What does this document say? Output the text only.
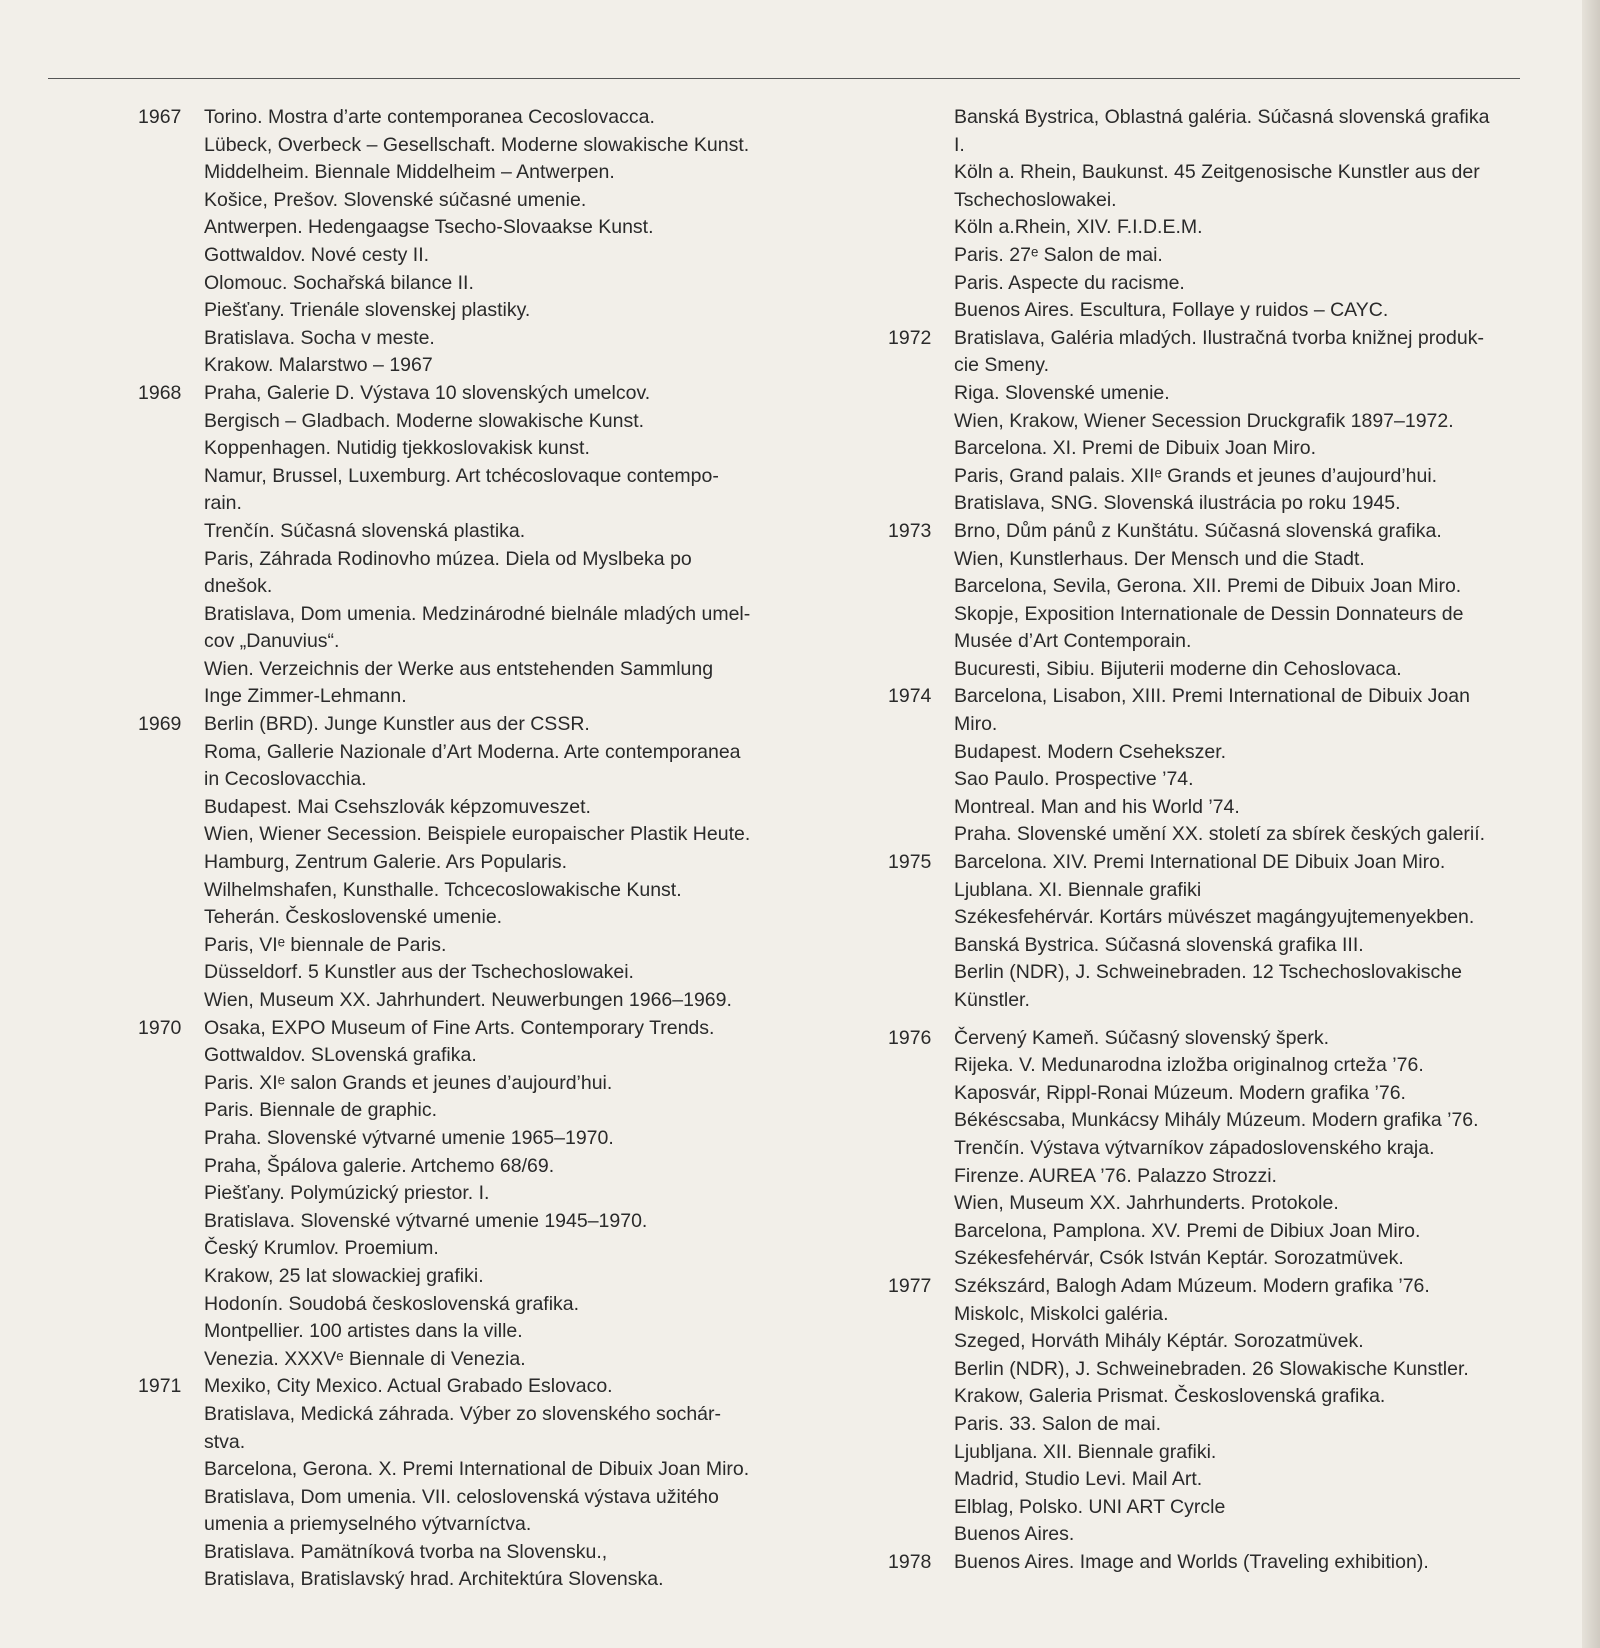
1967	Torino. Mostra d’arte contemporanea Cecoslovacca.
Lübeck, Overbeck – Gesellschaft. Moderne slowakische Kunst.
Middelheim. Biennale Middelheim – Antwerpen.
Košice, Prešov. Slovenské súčasné umenie.
Antwerpen. Hedengaagse Tsecho-Slovaakse Kunst.
Gottwaldov. Nové cesty II.
Olomouc. Sochařská bilance II.
Piešťany. Trienále slovenskej plastiky.
Bratislava. Socha v meste.
Krakow. Malarstwo – 1967
1968	Praha, Galerie D. Výstava 10 slovenských umelcov.
Bergisch – Gladbach. Moderne slowakische Kunst.
Koppenhagen. Nutidig tjekkoslovakisk kunst.
Namur, Brussel, Luxemburg. Art tchécoslovaque contempo-
rain.
Trenčín. Súčasná slovenská plastika.
Paris, Záhrada Rodinovho múzea. Diela od Myslbeka po
dnešok.
Bratislava, Dom umenia. Medzinárodné bielnále mladých umel-
cov „Danuvius“.
Wien. Verzeichnis der Werke aus entstehenden Sammlung
Inge Zimmer-Lehmann.
1969	Berlin (BRD). Junge Kunstler aus der CSSR.
Roma, Gallerie Nazionale d’Art Moderna. Arte contemporanea
in Cecoslovacchia.
Budapest. Mai Csehszlovák képzomuveszet.
Wien, Wiener Secession. Beispiele europaischer Plastik Heute.
Hamburg, Zentrum Galerie. Ars Popularis.
Wilhelmshafen, Kunsthalle. Tchcecoslowakische Kunst.
Teherán. Československé umenie.
Paris, VIᵉ biennale de Paris.
Düsseldorf. 5 Kunstler aus der Tschechoslowakei.
Wien, Museum XX. Jahrhundert. Neuwerbungen 1966–1969.
1970	Osaka, EXPO Museum of Fine Arts. Contemporary Trends.
Gottwaldov. SLovenská grafika.
Paris. XIᵉ salon Grands et jeunes d’aujourd’hui.
Paris. Biennale de graphic.
Praha. Slovenské výtvarné umenie 1965–1970.
Praha, Špálova galerie. Artchemo 68/69.
Piešťany. Polymúzický priestor. I.
Bratislava. Slovenské výtvarné umenie 1945–1970.
Český Krumlov. Proemium.
Krakow, 25 lat slowackiej grafiki.
Hodonín. Soudobá československá grafika.
Montpellier. 100 artistes dans la ville.
Venezia. XXXVᵉ Biennale di Venezia.
1971	Mexiko, City Mexico. Actual Grabado Eslovaco.
Bratislava, Medická záhrada. Výber zo slovenského sochár-
stva.
Barcelona, Gerona. X. Premi International de Dibuix Joan Miro.
Bratislava, Dom umenia. VII. celoslovenská výstava užitého
umenia a priemyselného výtvarníctva.
Bratislava. Pamätníková tvorba na Slovensku.,
Bratislava, Bratislavský hrad. Architektúra Slovenska.
Banská Bystrica, Oblastná galéria. Súčasná slovenská grafika
I.
Köln a. Rhein, Baukunst. 45 Zeitgenosische Kunstler aus der
Tschechoslowakei.
Köln a.Rhein, XIV. F.I.D.E.M.
Paris. 27ᵉ Salon de mai.
Paris. Aspecte du racisme.
Buenos Aires. Escultura, Follaye y ruidos – CAYC.
1972	Bratislava, Galéria mladých. Ilustračná tvorba knižnej produk-
cie Smeny.
Riga. Slovenské umenie.
Wien, Krakow, Wiener Secession Druckgrafik 1897–1972.
Barcelona. XI. Premi de Dibuix Joan Miro.
Paris, Grand palais. XIIᵉ Grands et jeunes d’aujourd’hui.
Bratislava, SNG. Slovenská ilustrácia po roku 1945.
1973	Brno, Dům pánů z Kunštátu. Súčasná slovenská grafika.
Wien, Kunstlerhaus. Der Mensch und die Stadt.
Barcelona, Sevila, Gerona. XII. Premi de Dibuix Joan Miro.
Skopje, Exposition Internationale de Dessin Donnateurs de
Musée d’Art Contemporain.
Bucuresti, Sibiu. Bijuterii moderne din Cehoslovaca.
1974	Barcelona, Lisabon, XIII. Premi International de Dibuix Joan
Miro.
Budapest. Modern Csehekszer.
Sao Paulo. Prospective ’74.
Montreal. Man and his World ’74.
Praha. Slovenské umění XX. století za sbírek českých galerií.
1975	Barcelona. XIV. Premi International DE Dibuix Joan Miro.
Ljublana. XI. Biennale grafiki
Székesfehérvár. Kortárs müvészet magángyujtemenyekben.
Banská Bystrica. Súčasná slovenská grafika III.
Berlin (NDR), J. Schweinebraden. 12 Tschechoslovakische
Künstler.
1976	Červený Kameň. Súčasný slovenský šperk.
Rijeka. V. Medunarodna izložba originalnog crteža ’76.
Kaposvár, Rippl-Ronai Múzeum. Modern grafika ’76.
Békéscsaba, Munkácsy Mihály Múzeum. Modern grafika ’76.
Trenčín. Výstava výtvarníkov západoslovenského kraja.
Firenze. AUREA ’76. Palazzo Strozzi.
Wien, Museum XX. Jahrhunderts. Protokole.
Barcelona, Pamplona. XV. Premi de Dibiux Joan Miro.
Székesfehérvár, Csók István Keptár. Sorozatmüvek.
1977	Székszárd, Balogh Adam Múzeum. Modern grafika ’76.
Miskolc, Miskolci galéria.
Szeged, Horváth Mihály Képtár. Sorozatmüvek.
Berlin (NDR), J. Schweinebraden. 26 Slowakische Kunstler.
Krakow, Galeria Prismat. Československá grafika.
Paris. 33. Salon de mai.
Ljubljana. XII. Biennale grafiki.
Madrid, Studio Levi. Mail Art.
Elblag, Polsko. UNI ART Cyrcle
Buenos Aires.
1978	Buenos Aires. Image and Worlds (Traveling exhibition).
